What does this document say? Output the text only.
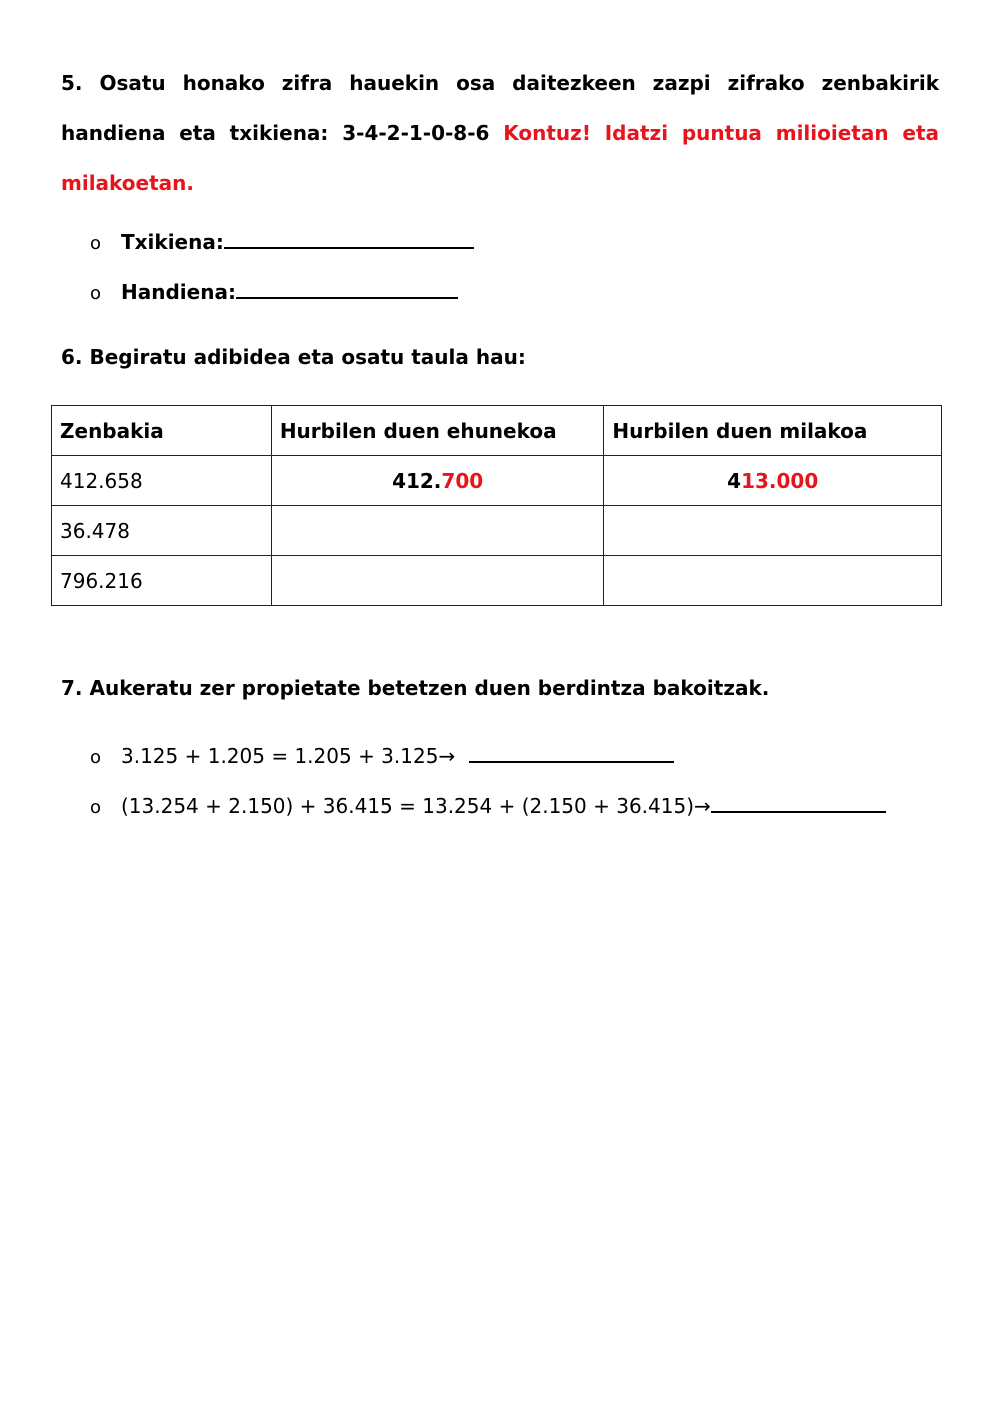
5. Osatu honako zifra hauekin osa daitezkeen zazpi zifrako zenbakirik handiena eta txikiena: 3-4-2-1-0-8-6 Kontuz! Idatzi puntua milioietan eta milakoetan.
o Txikiena:
o Handiena:
6. Begiratu adibidea eta osatu taula hau:
Zenbakia	Hurbilen duen ehunekoa	Hurbilen duen milakoa
412.658	412.700	413.000
36.478		
796.216		
7. Aukeratu zer propietate betetzen duen berdintza bakoitzak.
o 3.125 + 1.205 = 1.205 + 3.125 →
o (13.254 + 2.150) + 36.415 = 13.254 + (2.150 + 36.415) →
